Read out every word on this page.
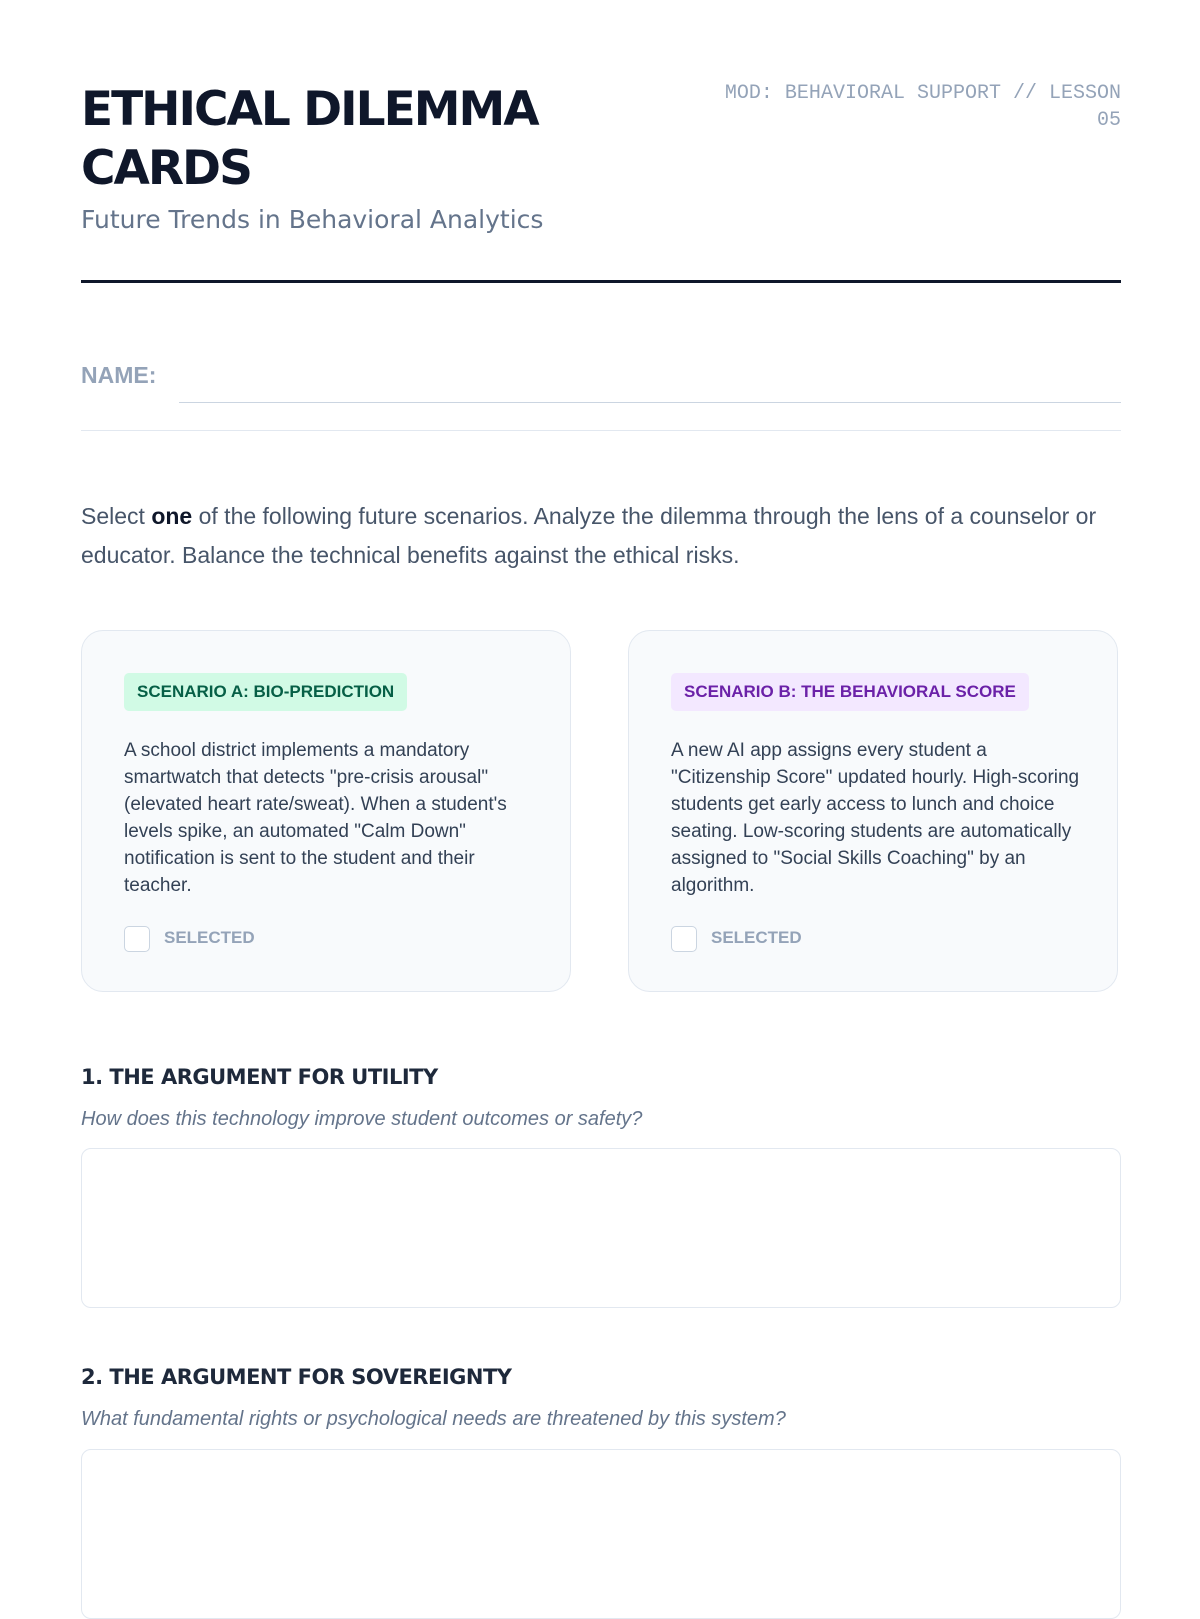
ETHICAL DILEMMA CARDS
Future Trends in Behavioral Analytics
MOD: BEHAVIORAL SUPPORT // LESSON 05
NAME:

Select one of the following future scenarios. Analyze the dilemma through the lens of a counselor or educator. Balance the technical benefits against the ethical risks.

SCENARIO A: BIO-PREDICTION

A school district implements a mandatory smartwatch that detects "pre-crisis arousal" (elevated heart rate/sweat). When a student's levels spike, an automated "Calm Down" notification is sent to the student and their teacher.

SELECTED
SCENARIO B: THE BEHAVIORAL SCORE

A new AI app assigns every student a "Citizenship Score" updated hourly. High-scoring students get early access to lunch and choice seating. Low-scoring students are automatically assigned to "Social Skills Coaching" by an algorithm.

SELECTED
1. THE ARGUMENT FOR UTILITY
How does this technology improve student outcomes or safety?
2. THE ARGUMENT FOR SOVEREIGNTY
What fundamental rights or psychological needs are threatened by this system?
